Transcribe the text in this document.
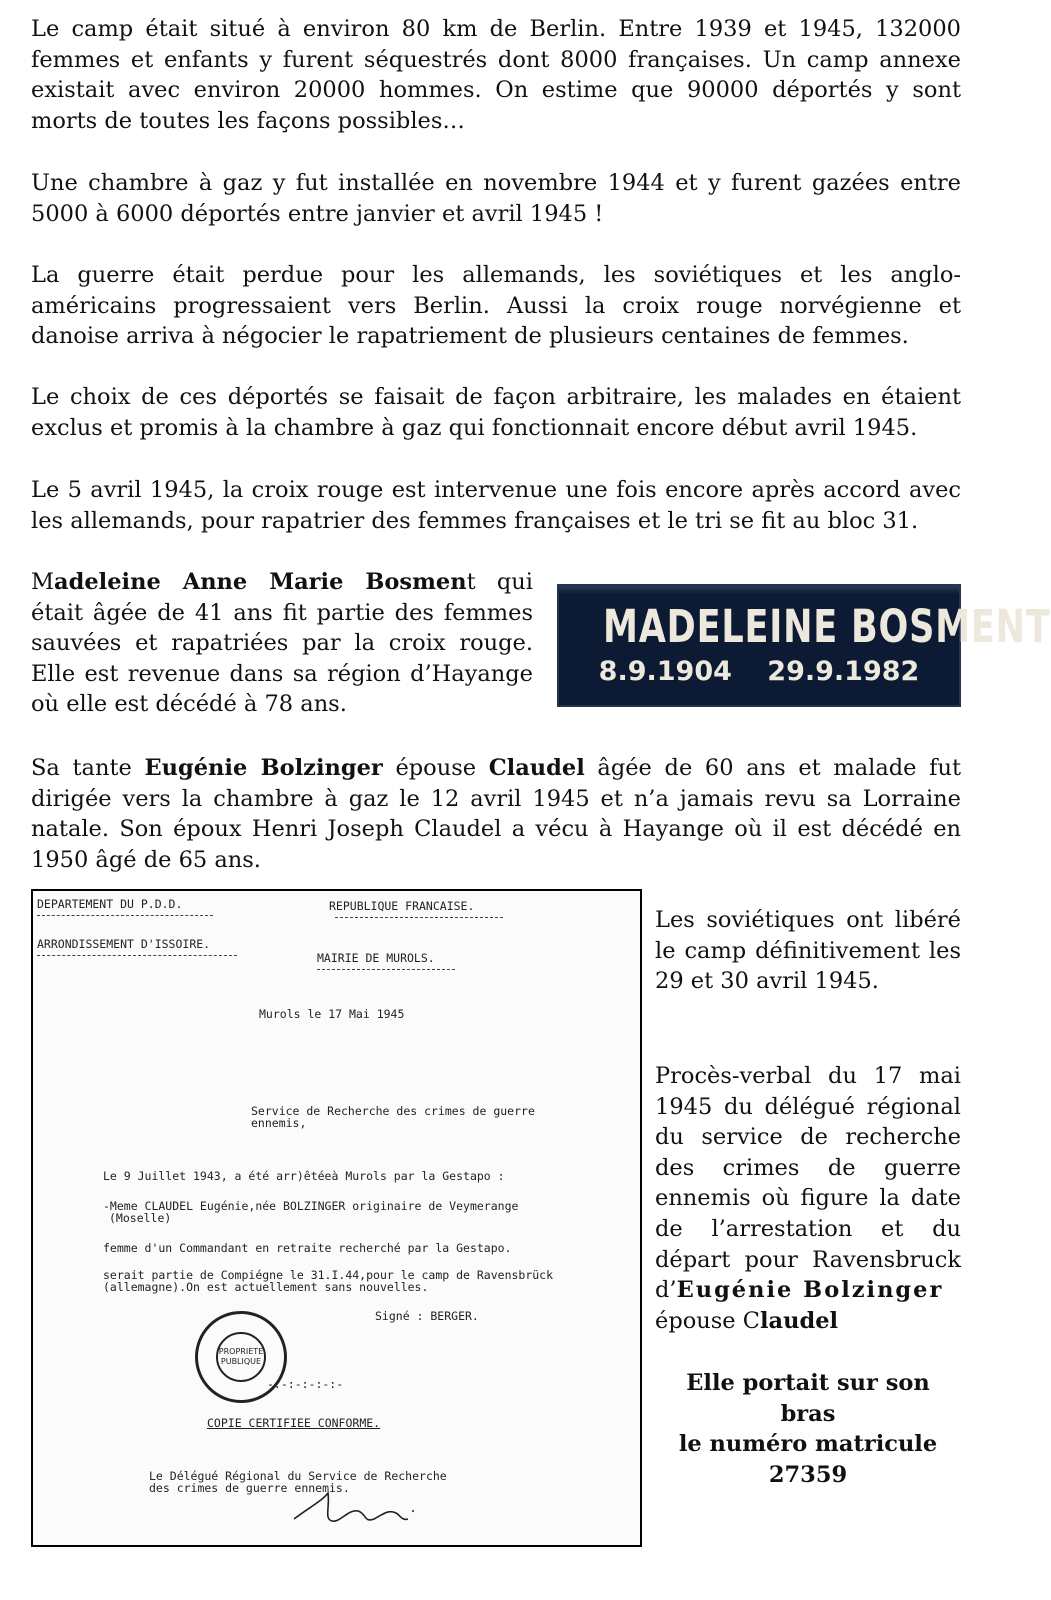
Le camp était situé à environ 80 km de Berlin. Entre 1939 et 1945, 132000 femmes et enfants y furent séquestrés dont 8000 françaises. Un camp annexe existait avec environ 20000 hommes. On estime que 90000 déportés y sont morts de toutes les façons possibles…

Une chambre à gaz y fut installée en novembre 1944 et y furent gazées entre 5000 à 6000 déportés entre janvier et avril 1945 !

La guerre était perdue pour les allemands, les soviétiques et les anglo-américains progressaient vers Berlin. Aussi la croix rouge norvégienne et danoise arriva à négocier le rapatriement de plusieurs centaines de femmes.

Le choix de ces déportés se faisait de façon arbitraire, les malades en étaient exclus et promis à la chambre à gaz qui fonctionnait encore début avril 1945.

Le 5 avril 1945, la croix rouge est intervenue une fois encore après accord avec les allemands, pour rapatrier des femmes françaises et le tri se fit au bloc 31.

Madeleine Anne Marie Bosment qui était âgée de 41 ans fit partie des femmes sauvées et rapatriées par la croix rouge. Elle est revenue dans sa région d’Hayange où elle est décédé à 78 ans.

MADELEINE BOSMENT
8.9.1904 29.9.1982

Sa tante Eugénie Bolzinger épouse Claudel âgée de 60 ans et malade fut dirigée vers la chambre à gaz le 12 avril 1945 et n’a jamais revu sa Lorraine natale. Son époux Henri Joseph Claudel a vécu à Hayange où il est décédé en 1950 âgé de 65 ans.

DEPARTEMENT DU P.D.D.	REPUBLIQUE FRANCAISE.
ARRONDISSEMENT D'ISSOIRE.
MAIRIE DE MUROLS.
Murols le 17 Mai 1945
Service de Recherche des crimes de guerre
ennemis,
Le 9 Juillet 1943, a été arr)êtéeà Murols par la Gestapo :
-Meme CLAUDEL Eugénie,née BOLZINGER originaire de Veymerange
(Moselle)
femme d'un Commandant en retraite recherché par la Gestapo.
serait partie de Compiégne le 31.I.44,pour le camp de Ravensbrück
(allemagne).On est actuellement sans nouvelles.
Signé : BERGER.
PROPRIETE PUBLIQUE
-:-:-:-:-:-
COPIE CERTIFIEE CONFORME.
Le Délégué Régional du Service de Recherche
des crimes de guerre ennemis.
Les soviétiques ont libéré le camp définitivement les 29 et 30 avril 1945.
Procès-verbal du 17 mai 1945 du délégué régional du service de recherche des crimes de guerre ennemis où figure la date de l’arrestation et du départ pour Ravensbruck d’Eugénie Bolzinger
épouse Claudel
Elle portait sur son bras
le numéro matricule
27359
